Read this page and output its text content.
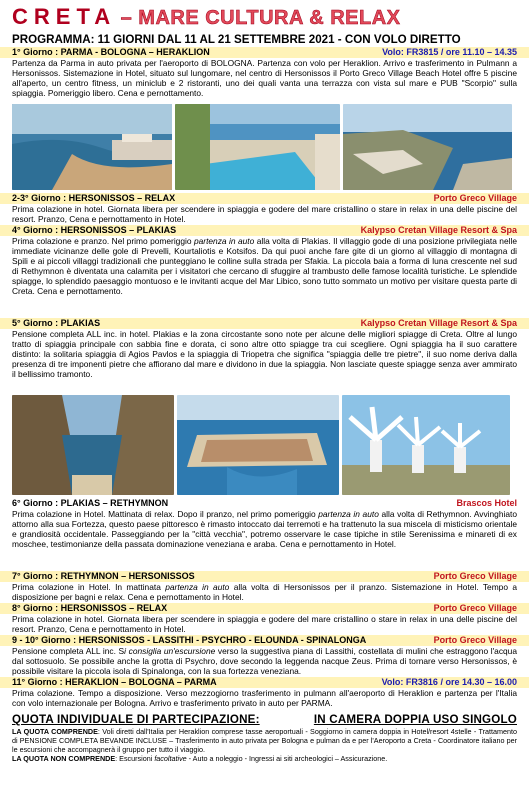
CRETA – MARE CULTURA & RELAX
PROGRAMMA: 11 GIORNI DAL 11 AL 21 SETTEMBRE 2021 - CON VOLO DIRETTO
1° Giorno : PARMA - BOLOGNA – HERAKLION	Volo: FR3815 / ore 11.10 – 14.35
Partenza da Parma in auto privata per l'aeroporto di BOLOGNA. Partenza con volo per Heraklion. Arrivo e trasferimento in Pulmann a Hersonissos. Sistemazione in Hotel, situato sul lungomare, nel centro di Hersonissos il Porto Greco Village Beach Hotel offre 5 piscine all'aperto, un centro fitness, un miniclub e 2 ristoranti, uno dei quali vanta una terrazza con vista sul mare e PUB "Scorpio" sulla spiaggia. Pomeriggio libero. Cena e pernottamento.
2-3° Giorno : HERSONISSOS – RELAX	Porto Greco Village
Prima colazione in hotel. Giornata libera per scendere in spiaggia e godere del mare cristallino o stare in relax in una delle piscine del resort. Pranzo, Cena e pernottamento in Hotel.
4° Giorno : HERSONISSOS – PLAKIAS	Kalypso Cretan Village Resort & Spa
Prima colazione e pranzo. Nel primo pomeriggio partenza in auto alla volta di Plakias. Il villaggio gode di una posizione privilegiata nelle immediate vicinanze delle gole di Prevelli, Kourtaliotis e Kotsifos. Da qui puoi anche fare gite di un giorno al villaggio di montagna di Spili e ai piccoli villaggi tradizionali che punteggiano le colline sulla strada per Sfakia. La piccola baia a forma di luna crescente nel sud di Rethymnon è diventata una calamita per i visitatori che cercano di sfuggire al trambusto delle famose località turistiche. Le splendide spiagge, lo splendido paesaggio montuoso e le invitanti acque del Mar Libico, sono tutto sommato un motivo per visitare questa parte di Creta. Cena e pernottamento.
5° Giorno : PLAKIAS	Kalypso Cretan Village Resort & Spa
Pensione completa ALL inc. in hotel. Plakias e la zona circostante sono note per alcune delle migliori spiagge di Creta. Oltre al lungo tratto di spiaggia principale con sabbia fine e dorata, ci sono altre otto spiagge tra cui scegliere. Ogni spiaggia ha il suo carattere distinto: la solitaria spiaggia di Agios Pavlos e la spiaggia di Triopetra che significa "spiaggia delle tre pietre", il suo nome deriva dalla presenza di tre imponenti pietre che affiorano dal mare e dividono in due la spiaggia. Non lasciate queste spiagge senza aver ammirato il bellissimo tramonto.
6° Giorno : PLAKIAS – RETHYMNON	Brascos Hotel
Prima colazione in Hotel. Mattinata di relax. Dopo il pranzo, nel primo pomeriggio partenza in auto alla volta di Rethymnon. Avvinghiato attorno alla sua Fortezza, questo paese pittoresco è rimasto intoccato dai terremoti e ha trattenuto la sua miscela di misticismo orientale e grandiosità occidentale. Passeggiando per la "città vecchia", potremo osservare le case tipiche in stile Serenissima e minareti di ex moschee, testimonianze della passata dominazione veneziana e araba. Cena e pernottamento in Hotel.
7° Giorno : RETHYMNON – HERSONISSOS	Porto Greco Village
Prima colazione in Hotel. In mattinata partenza in auto alla volta di Hersonissos per il pranzo. Sistemazione in Hotel. Tempo a disposizione per bagni e relax. Cena e pernottamento in Hotel.
8° Giorno : HERSONISSOS – RELAX	Porto Greco Village
Prima colazione in hotel. Giornata libera per scendere in spiaggia e godere del mare cristallino o stare in relax in una delle piscine del resort. Pranzo, Cena e pernottamento in Hotel.
9 - 10° Giorno : HERSONISSOS - LASSITHI - PSYCHRO - ELOUNDA - SPINALONGA	Porto Greco Village
Pensione completa ALL inc. Si consiglia un'escursione verso la suggestiva piana di Lassithi, costellata di mulini che estraggono l'acqua dal sottosuolo. Se possibile anche la grotta di Psychro, dove secondo la leggenda nacque Zeus. Prima di tornare verso Hersonissos, è possibile visitare la piccola isola di Spinalonga, con la sua fortezza veneziana.
11° Giorno : HERAKLION – BOLOGNA – PARMA	Volo: FR3816 / ore 14.30 – 16.00
Prima colazione. Tempo a disposizione. Verso mezzogiorno trasferimento in pulmann all'aeroporto di Heraklion e partenza per l'Italia con volo internazionale per Bologna. Arrivo e trasferimento privato in auto per PARMA.
QUOTA INDIVIDUALE DI PARTECIPAZIONE:	IN CAMERA DOPPIA USO SINGOLO
LA QUOTA COMPRENDE: Voli diretti dall'Italia per Heraklion comprese tasse aeroportuali - Soggiorno in camera doppia in Hotel/resort 4stelle - Trattamento di PENSIONE COMPLETA BEVANDE INCLUSE – Trasferimento in auto privata per Bologna e pulman da e per l'Aeroporto a Creta - Coordinatore italiano per le escursioni che accompagnerà il gruppo per tutto il viaggio.
LA QUOTA NON COMPRENDE: Escursioni facoltative - Auto a noleggio - Ingressi ai siti archeologici – Assicurazione.
